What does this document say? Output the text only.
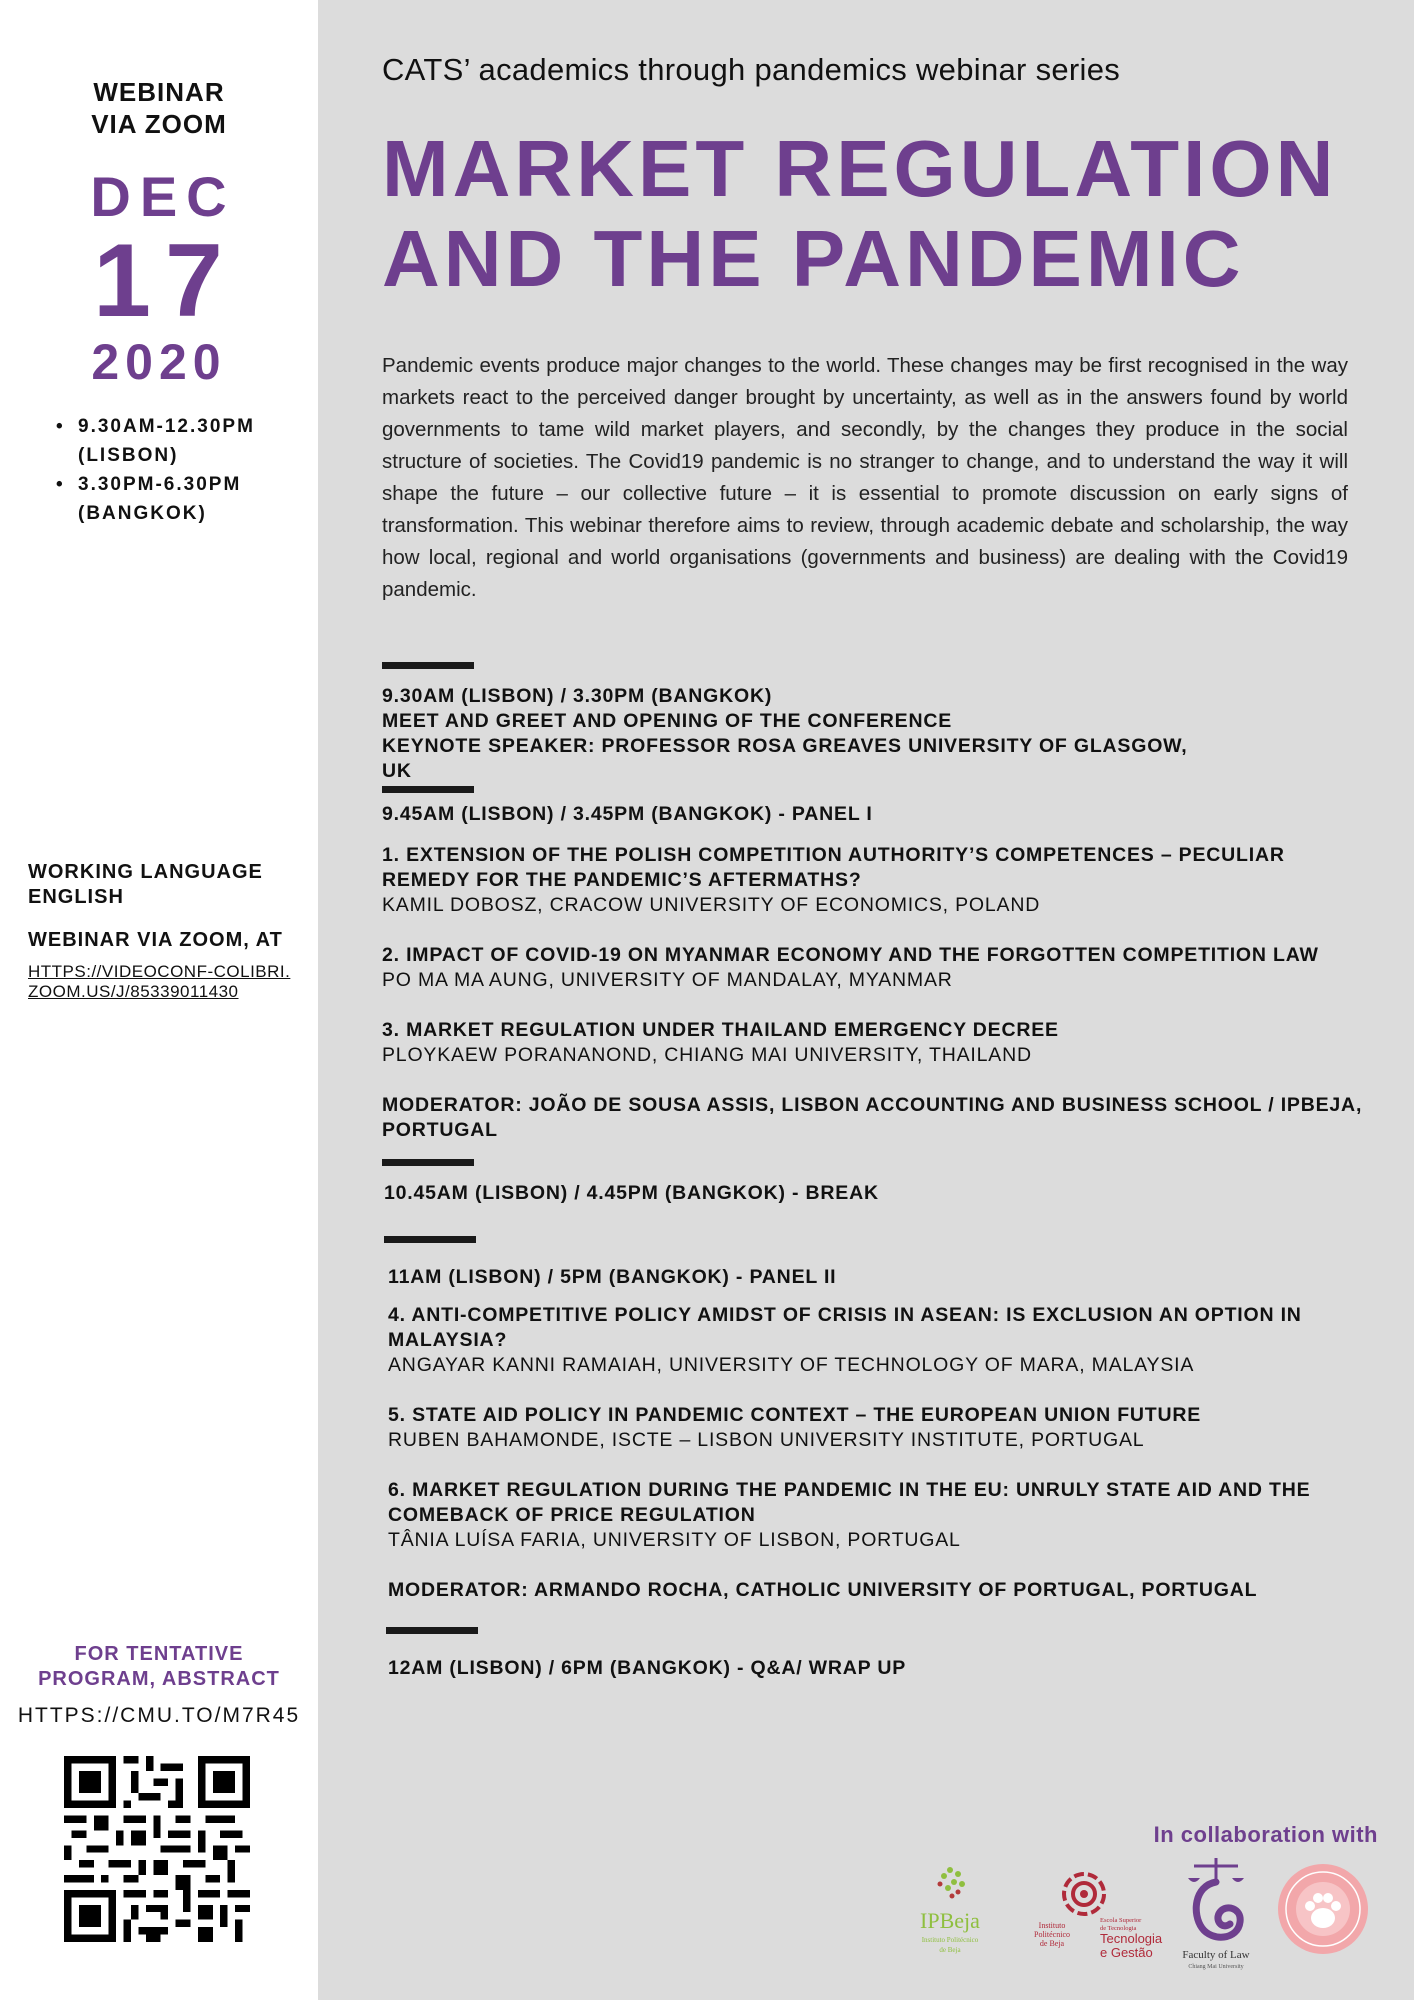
WEBINAR
VIA ZOOM
DEC
17
2020
• 9.30AM-12.30PM
(LISBON)
• 3.30PM-6.30PM
(BANGKOK)
WORKING LANGUAGE
ENGLISH
WEBINAR VIA ZOOM, AT
HTTPS://VIDEOCONF-COLIBRI.ZOOM.US/J/85339011430
FOR TENTATIVE
PROGRAM, ABSTRACT
HTTPS://CMU.TO/M7R45
CATS’ academics through pandemics webinar series
MARKET REGULATION
AND THE PANDEMIC

Pandemic events produce major changes to the world. These changes may be first recognised in the way markets react to the perceived danger brought by uncertainty, as well as in the answers found by world governments to tame wild market players, and secondly, by the changes they produce in the social structure of societies. The Covid19 pandemic is no stranger to change, and to understand the way it will shape the future – our collective future – it is essential to promote discussion on early signs of transformation. This webinar therefore aims to review, through academic debate and scholarship, the way how local, regional and world organisations (governments and business) are dealing with the Covid19 pandemic.

9.30AM (LISBON) / 3.30PM (BANGKOK)
MEET AND GREET AND OPENING OF THE CONFERENCE
KEYNOTE SPEAKER: PROFESSOR ROSA GREAVES UNIVERSITY OF GLASGOW,
UK
9.45AM (LISBON) / 3.45PM (BANGKOK) - PANEL I
1. EXTENSION OF THE POLISH COMPETITION AUTHORITY’S COMPETENCES – PECULIAR
REMEDY FOR THE PANDEMIC’S AFTERMATHS?
KAMIL DOBOSZ, CRACOW UNIVERSITY OF ECONOMICS, POLAND
2. IMPACT OF COVID-19 ON MYANMAR ECONOMY AND THE FORGOTTEN COMPETITION LAW
PO MA MA AUNG, UNIVERSITY OF MANDALAY, MYANMAR
3. MARKET REGULATION UNDER THAILAND EMERGENCY DECREE
PLOYKAEW PORANANOND, CHIANG MAI UNIVERSITY, THAILAND
MODERATOR: JOÃO DE SOUSA ASSIS, LISBON ACCOUNTING AND BUSINESS SCHOOL / IPBEJA,
PORTUGAL
10.45AM (LISBON) / 4.45PM (BANGKOK) - BREAK
11AM (LISBON) / 5PM (BANGKOK) - PANEL II
4. ANTI-COMPETITIVE POLICY AMIDST OF CRISIS IN ASEAN: IS EXCLUSION AN OPTION IN
MALAYSIA?
ANGAYAR KANNI RAMAIAH, UNIVERSITY OF TECHNOLOGY OF MARA, MALAYSIA
5. STATE AID POLICY IN PANDEMIC CONTEXT – THE EUROPEAN UNION FUTURE
RUBEN BAHAMONDE, ISCTE – LISBON UNIVERSITY INSTITUTE, PORTUGAL
6. MARKET REGULATION DURING THE PANDEMIC IN THE EU: UNRULY STATE AID AND THE
COMEBACK OF PRICE REGULATION
TÂNIA LUÍSA FARIA, UNIVERSITY OF LISBON, PORTUGAL
MODERATOR: ARMANDO ROCHA, CATHOLIC UNIVERSITY OF PORTUGAL, PORTUGAL
12AM (LISBON) / 6PM (BANGKOK) - Q&A/ WRAP UP
In collaboration with
IPBeja
Instituto Politécnico
de Beja
Instituto
Politécnico
de Beja
Escola Superior
de Tecnologia
Tecnologia
e Gestão	Faculty of Law
Chiang Mai University
